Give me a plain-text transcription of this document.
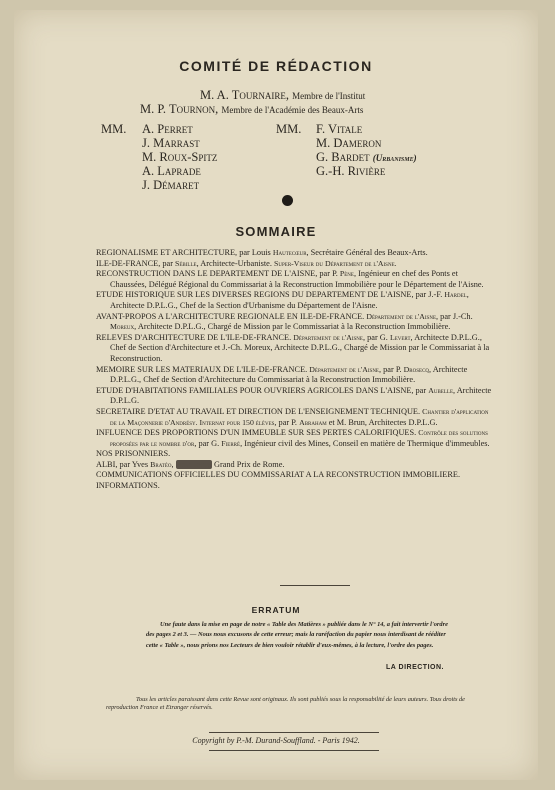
COMITÉ DE RÉDACTION
M. A. Tournaire, Membre de l'Institut
M. P. Tournon, Membre de l'Académie des Beaux-Arts
MM. A. Perret
J. Marrast
M. Roux-Spitz
A. Laprade
J. Démaret
MM. F. Vitale
M. Dameron
G. Bardet (Urbanisme)
G.-H. Rivière
SOMMAIRE

REGIONALISME ET ARCHITECTURE, par Louis Hautecœur, Secrétaire Général des Beaux-Arts.

ILE-DE-FRANCE, par Sébille, Architecte-Urbaniste. Super-Viseur du Département de l'Aisne.

RECONSTRUCTION DANS LE DEPARTEMENT DE L'AISNE, par P. Pène, Ingénieur en chef des Ponts et Chaussées, Délégué Régional du Commissariat à la Reconstruction Immobilière pour le Département de l'Aisne.

ETUDE HISTORIQUE SUR LES DIVERSES REGIONS DU DEPARTEMENT DE L'AISNE, par J.-F. Hardel, Architecte D.P.L.G., Chef de la Section d'Urbanisme du Département de l'Aisne.

AVANT-PROPOS A L'ARCHITECTURE REGIONALE EN ILE-DE-FRANCE. Département de l'Aisne, par J.-Ch. Moreux, Architecte D.P.L.G., Chargé de Mission par le Commissariat à la Reconstruction Immobilière.

RELEVES D'ARCHITECTURE DE L'ILE-DE-FRANCE. Département de l'Aisne, par G. Levert, Architecte D.P.L.G., Chef de Section d'Architecture et J.-Ch. Moreux, Architecte D.P.L.G., Chargé de Mission par le Commissariat à la Reconstruction.

MEMOIRE SUR LES MATERIAUX DE L'ILE-DE-FRANCE. Département de l'Aisne, par P. Drosecq, Architecte D.P.L.G., Chef de Section d'Architecture du Commissariat à la Reconstruction Immobilière.

ETUDE D'HABITATIONS FAMILIALES POUR OUVRIERS AGRICOLES DANS L'AISNE, par Aubelle, Architecte D.P.L.G.

SECRETAIRE D'ETAT AU TRAVAIL ET DIRECTION DE L'ENSEIGNEMENT TECHNIQUE. Chantier d'application de la Maçonnerie d'Andrésy. Internat pour 150 élèves, par P. Abraham et M. Brun, Architectes D.P.L.G.

INFLUENCE DES PROPORTIONS D'UN IMMEUBLE SUR SES PERTES CALORIFIQUES. Contrôle des solutions proposées par le nombre d'or, par G. Fierré, Ingénieur civil des Mines, Conseil en matière de Thermique d'immeubles.

NOS PRISONNIERS.

ALBI, par Yves Bratéo, architecte Grand Prix de Rome.

COMMUNICATIONS OFFICIELLES DU COMMISSARIAT A LA RECONSTRUCTION IMMOBILIERE.

INFORMATIONS.

ERRATUM
Une faute dans la mise en page de notre « Table des Matières » publiée dans le N° 14, a fait intervertir l'ordre des pages 2 et 3. — Nous nous excusons de cette erreur; mais la raréfaction du papier nous interdisant de rééditer cette « Table », nous prions nos Lecteurs de bien vouloir rétablir d'eux-mêmes, à la lecture, l'ordre des pages.
LA DIRECTION.
Tous les articles paraissant dans cette Revue sont originaux. Ils sont publiés sous la responsabilité de leurs auteurs. Tous droits de reproduction France et Etranger réservés.
Copyright by P.-M. Durand-Souffland. - Paris 1942.
